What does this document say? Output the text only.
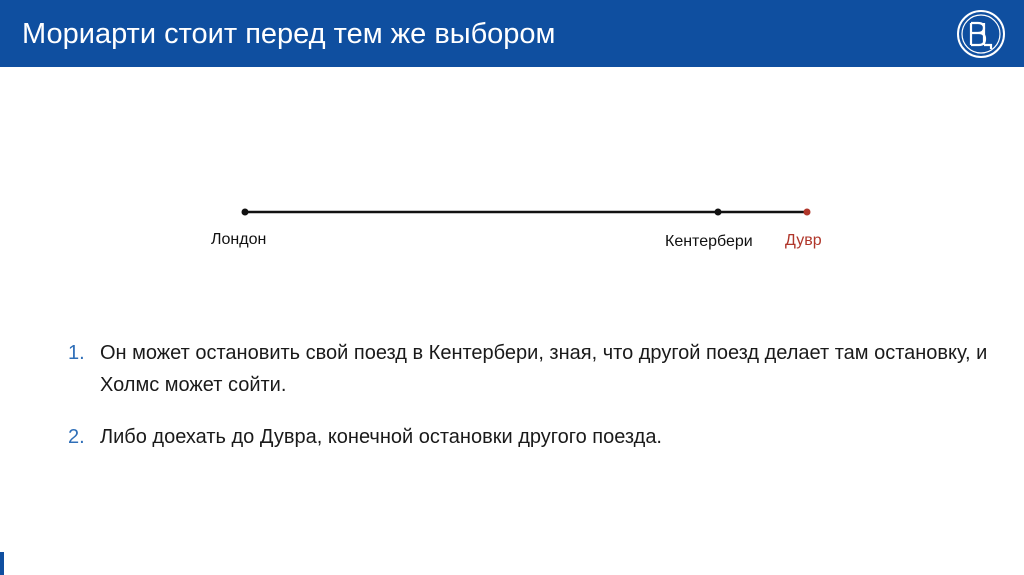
Мориарти стоит перед тем же выбором
Лондон	Кентербери Дувр
1. Он может остановить свой поезд в Кентербери, зная, что другой поезд делает там остановку, и Холмс может сойти.
2. Либо доехать до Дувра, конечной остановки другого поезда.
